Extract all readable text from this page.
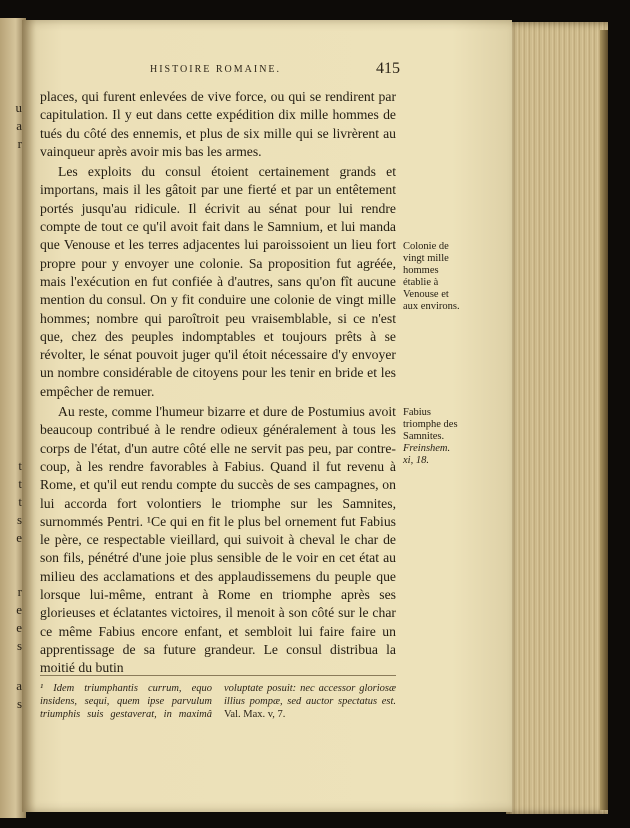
u
a
r
t
t
t
s
e
r
e
e
s
a
s
HISTOIRE ROMAINE.	415

places, qui furent enlevées de vive force, ou qui se rendirent par capitulation. Il y eut dans cette expédition dix mille hommes de tués du côté des ennemis, et plus de six mille qui se livrèrent au vainqueur après avoir mis bas les armes.

Les exploits du consul étoient certainement grands et importans, mais il les gâtoit par une fierté et par un entêtement portés jusqu'au ridicule. Il écrivit au sénat pour lui rendre compte de tout ce qu'il avoit fait dans le Samnium, et lui manda que Venouse et les terres adjacentes lui paroissoient un lieu fort propre pour y envoyer une colonie. Sa proposition fut agréée, mais l'exécution en fut confiée à d'autres, sans qu'on fît aucune mention du consul. On y fit conduire une colonie de vingt mille hommes; nombre qui paroîtroit peu vraisemblable, si ce n'est que, chez des peuples indomptables et toujours prêts à se révolter, le sénat pouvoit juger qu'il étoit nécessaire d'y envoyer un nombre considérable de citoyens pour les tenir en bride et les empêcher de remuer.

Au reste, comme l'humeur bizarre et dure de Postumius avoit beaucoup contribué à le rendre odieux généralement à tous les corps de l'état, d'un autre côté elle ne servit pas peu, par contre-coup, à les rendre favorables à Fabius. Quand il fut revenu à Rome, et qu'il eut rendu compte du succès de ses campagnes, on lui accorda fort volontiers le triomphe sur les Samnites, surnommés Pentri. ¹Ce qui en fit le plus bel ornement fut Fabius le père, ce respectable vieillard, qui suivoit à cheval le char de son fils, pénétré d'une joie plus sensible de le voir en cet état au milieu des acclamations et des applaudissemens du peuple que lorsque lui-même, entrant à Rome en triomphe après ses glorieuses et éclatantes victoires, il menoit à son côté sur le char ce même Fabius encore enfant, et sembloit lui faire faire un apprentissage de sa future grandeur. Le consul distribua la moitié du butin

Colonie de vingt mille hommes établie à Venouse et aux environs.
Fabius triomphe des Samnites.
Freinshem. xi, 18.
¹ Idem triumphantis currum, equo insidens, sequi, quem ipse parvulum triumphis suis gestaverat, in maximâ voluptate posuit: nec accessor gloriosæ illius pompæ, sed auctor spectatus est. Val. Max. v, 7.
